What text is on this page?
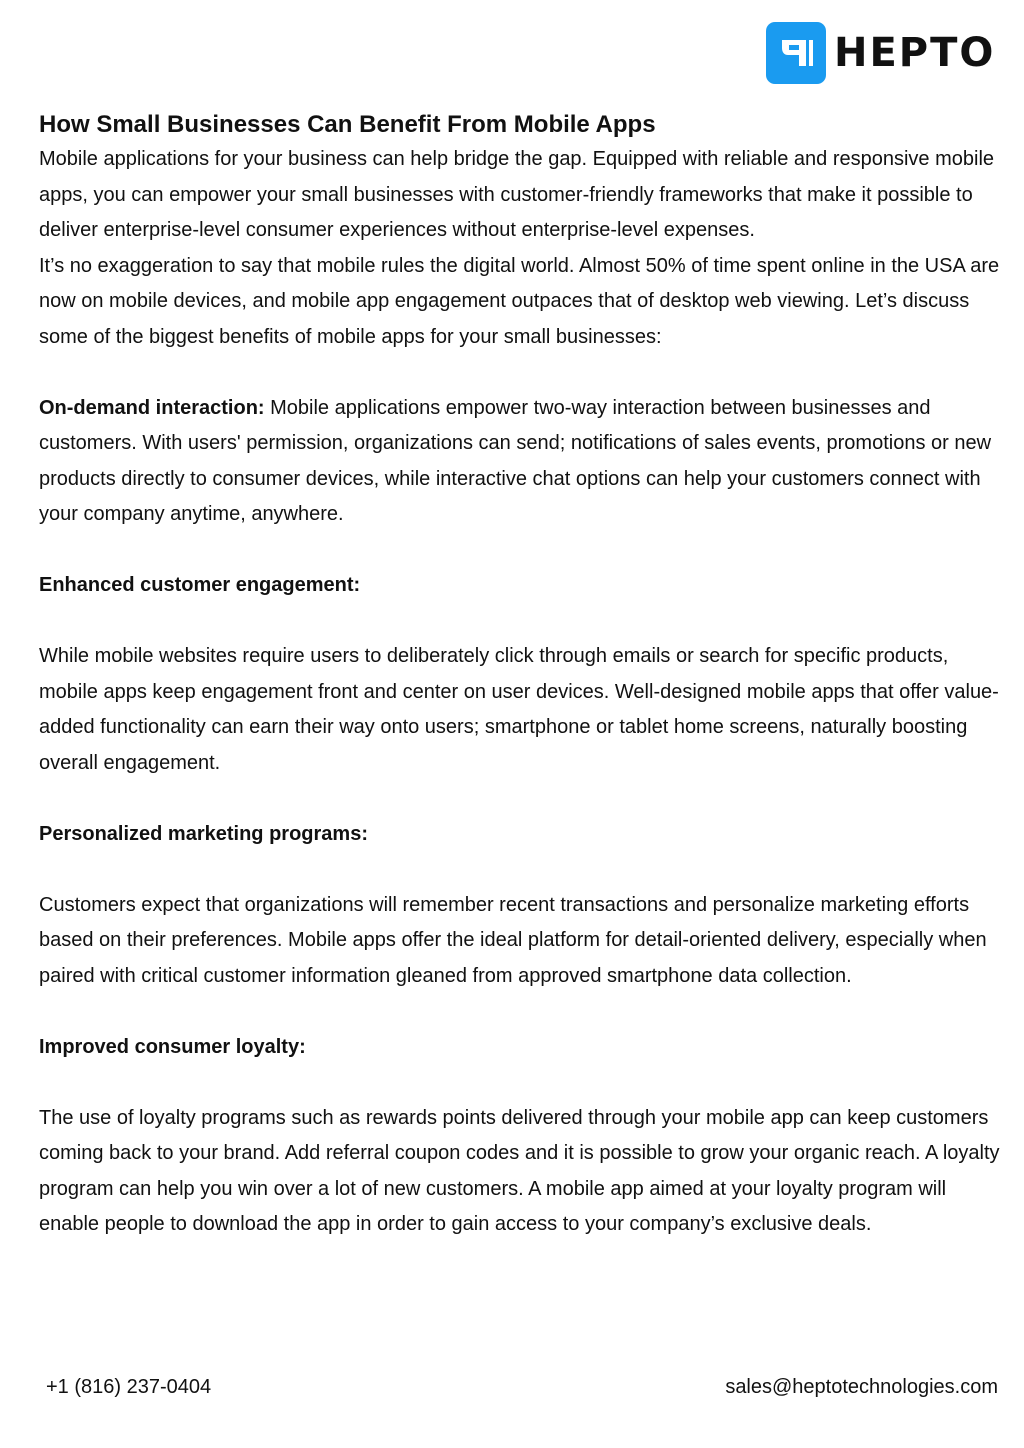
HEPTO
How Small Businesses Can Benefit From Mobile Apps

Mobile applications for your business can help bridge the gap. Equipped with reliable and responsive mobile apps, you can empower your small businesses with customer-friendly frameworks that make it possible to deliver enterprise-level consumer experiences without enterprise-level expenses.

It’s no exaggeration to say that mobile rules the digital world. Almost 50% of time spent online in the USA are now on mobile devices, and mobile app engagement outpaces that of desktop web viewing. Let’s discuss some of the biggest benefits of mobile apps for your small businesses:

On-demand interaction: Mobile applications empower two-way interaction between businesses and customers. With users' permission, organizations can send; notifications of sales events, promotions or new products directly to consumer devices, while interactive chat options can help your customers connect with your company anytime, anywhere.

Enhanced customer engagement:

While mobile websites require users to deliberately click through emails or search for specific products, mobile apps keep engagement front and center on user devices. Well-designed mobile apps that offer value-added functionality can earn their way onto users; smartphone or tablet home screens, naturally boosting overall engagement.

Personalized marketing programs:

Customers expect that organizations will remember recent transactions and personalize marketing efforts based on their preferences. Mobile apps offer the ideal platform for detail-oriented delivery, especially when paired with critical customer information gleaned from approved smartphone data collection.

Improved consumer loyalty:

The use of loyalty programs such as rewards points delivered through your mobile app can keep customers coming back to your brand. Add referral coupon codes and it is possible to grow your organic reach. A loyalty program can help you win over a lot of new customers. A mobile app aimed at your loyalty program will enable people to download the app in order to gain access to your company’s exclusive deals.

+1 (816) 237-0404	sales@heptotechnologies.com
